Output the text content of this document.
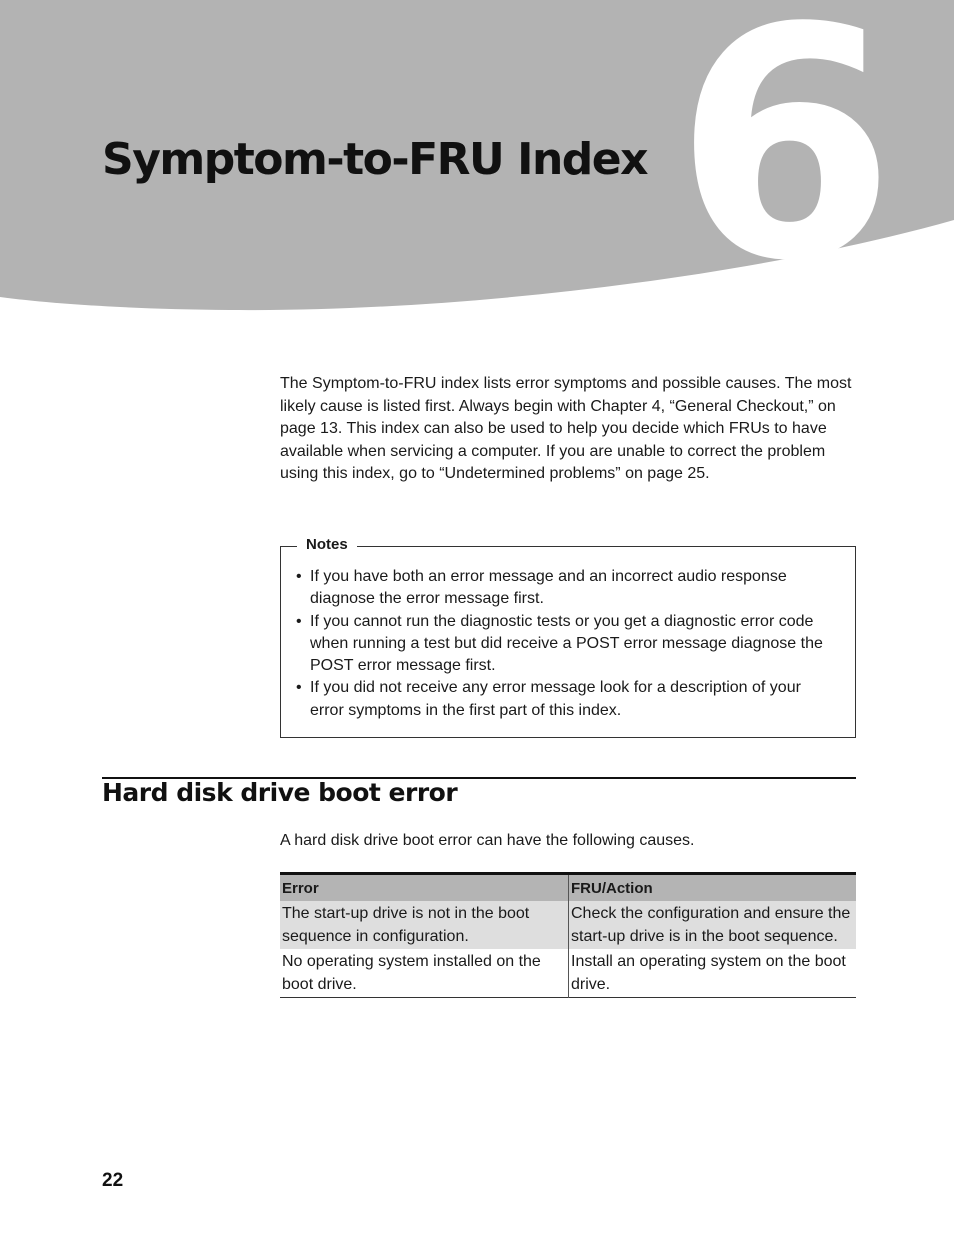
6
Symptom-to-FRU Index

The Symptom-to-FRU index lists error symptoms and possible causes. The most likely cause is listed first. Always begin with Chapter 4, “General Checkout,” on page 13. This index can also be used to help you decide which FRUs to have available when servicing a computer. If you are unable to correct the problem using this index, go to “Undetermined problems” on page 25.

Notes
• If you have both an error message and an incorrect audio response diagnose the error message first.
• If you cannot run the diagnostic tests or you get a diagnostic error code when running a test but did receive a POST error message diagnose the POST error message first.
• If you did not receive any error message look for a description of your error symptoms in the first part of this index.
Hard disk drive boot error

A hard disk drive boot error can have the following causes.

Error	FRU/Action
The start-up drive is not in the boot sequence in configuration.	Check the configuration and ensure the start-up drive is in the boot sequence.
No operating system installed on the boot drive.	Install an operating system on the boot drive.
22
